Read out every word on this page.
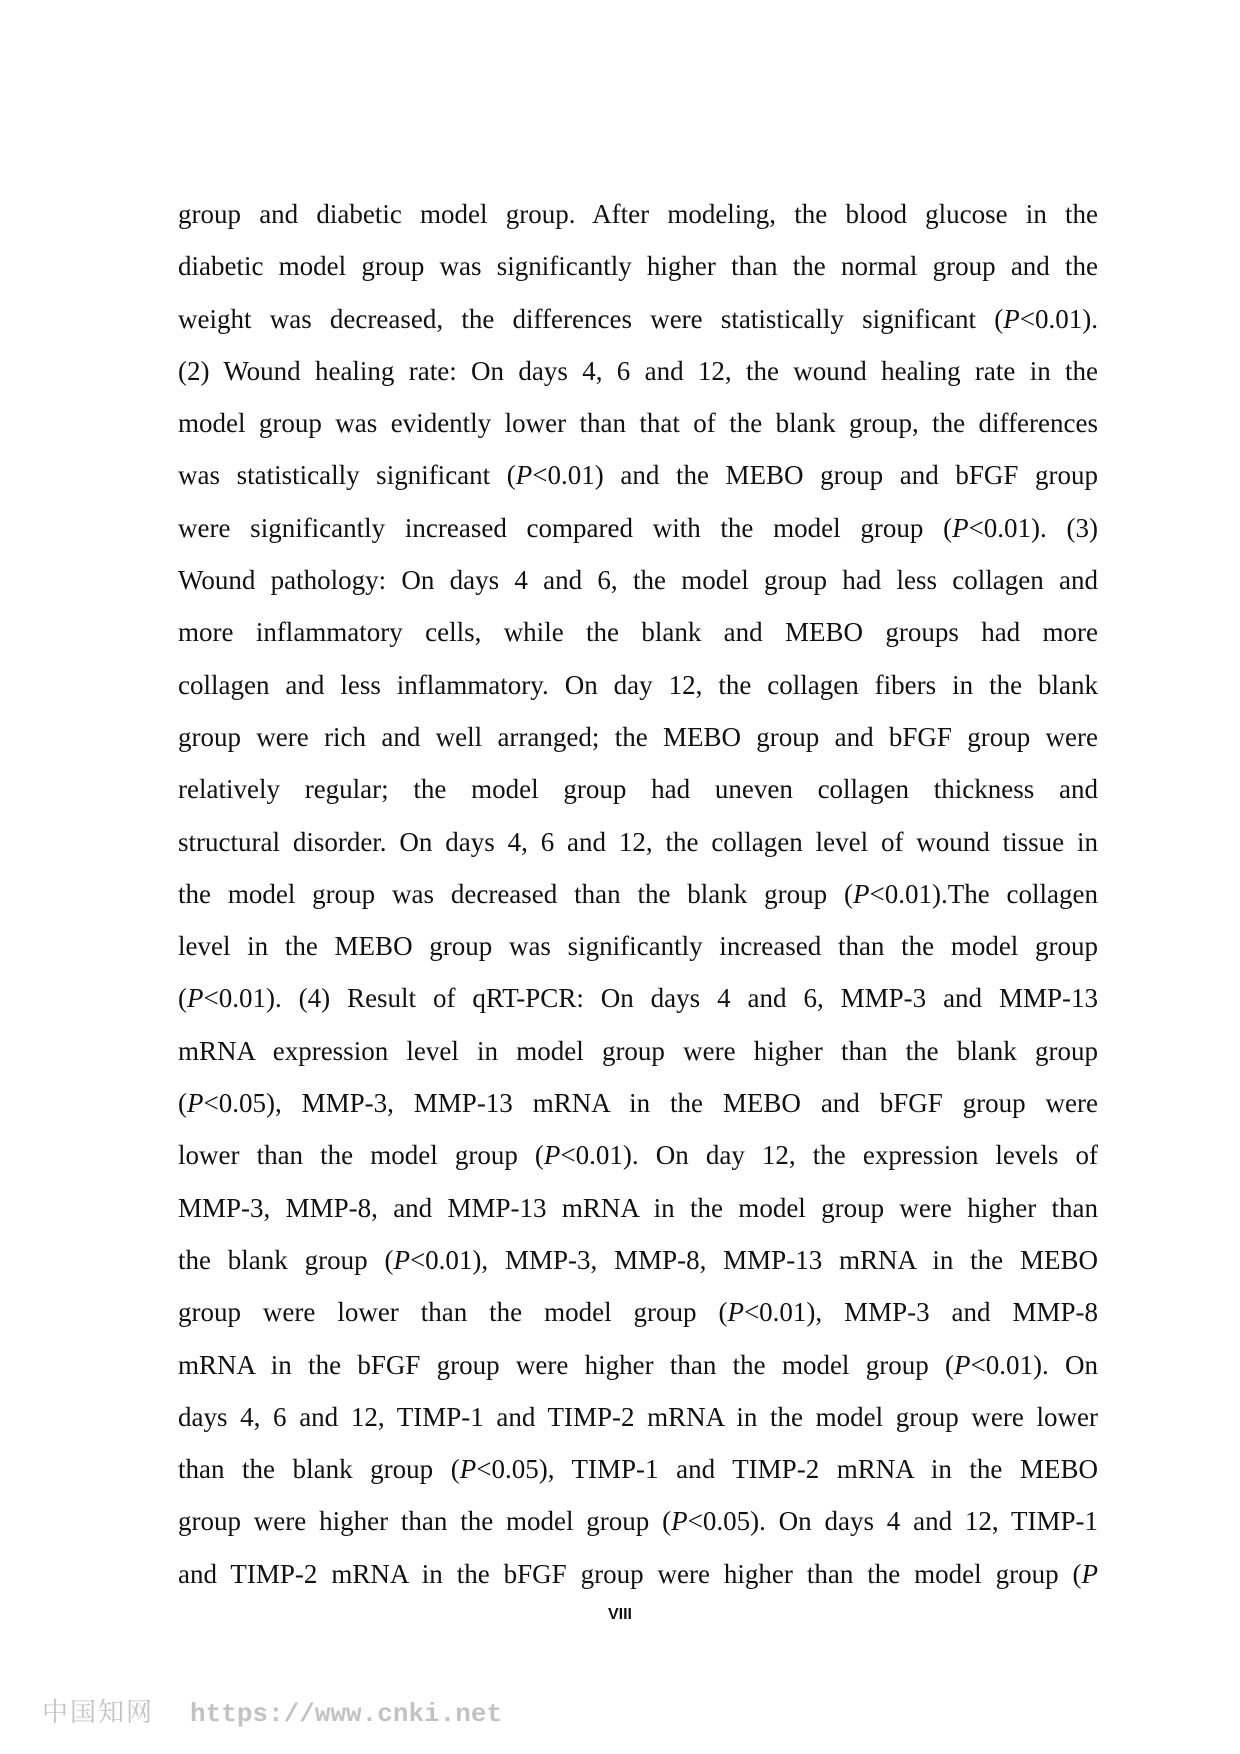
group and diabetic model group. After modeling, the blood glucose in the
diabetic model group was significantly higher than the normal group and the
weight was decreased, the differences were statistically significant (P<0.01).
(2) Wound healing rate: On days 4, 6 and 12, the wound healing rate in the
model group was evidently lower than that of the blank group, the differences
was statistically significant (P<0.01) and the MEBO group and bFGF group
were significantly increased compared with the model group (P<0.01). (3)
Wound pathology: On days 4 and 6, the model group had less collagen and
more inflammatory cells, while the blank and MEBO groups had more
collagen and less inflammatory. On day 12, the collagen fibers in the blank
group were rich and well arranged; the MEBO group and bFGF group were
relatively regular; the model group had uneven collagen thickness and
structural disorder. On days 4, 6 and 12, the collagen level of wound tissue in
the model group was decreased than the blank group (P<0.01).The collagen
level in the MEBO group was significantly increased than the model group
(P<0.01). (4) Result of qRT-PCR: On days 4 and 6, MMP-3 and MMP-13
mRNA expression level in model group were higher than the blank group
(P<0.05), MMP-3, MMP-13 mRNA in the MEBO and bFGF group were
lower than the model group (P<0.01). On day 12, the expression levels of
MMP-3, MMP-8, and MMP-13 mRNA in the model group were higher than
the blank group (P<0.01), MMP-3, MMP-8, MMP-13 mRNA in the MEBO
group were lower than the model group (P<0.01), MMP-3 and MMP-8
mRNA in the bFGF group were higher than the model group (P<0.01). On
days 4, 6 and 12, TIMP-1 and TIMP-2 mRNA in the model group were lower
than the blank group (P<0.05), TIMP-1 and TIMP-2 mRNA in the MEBO
group were higher than the model group (P<0.05). On days 4 and 12, TIMP-1
and TIMP-2 mRNA in the bFGF group were higher than the model group (P
VIII
中国知网 https://www.cnki.net
